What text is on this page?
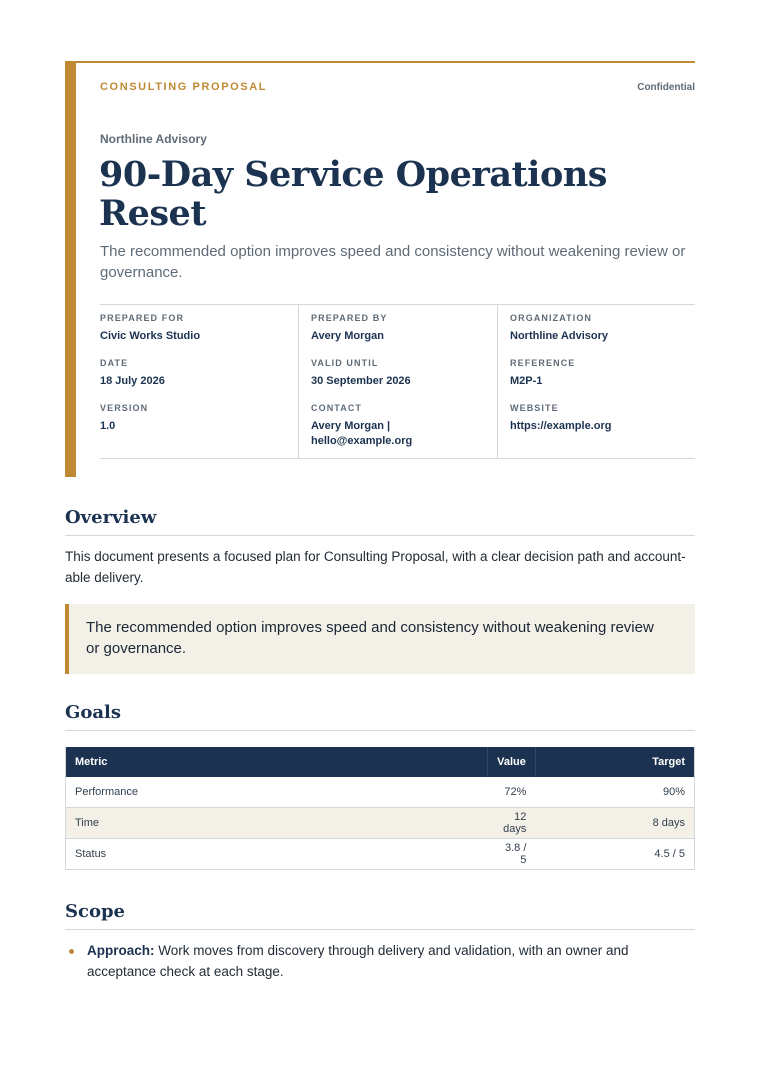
CONSULTING PROPOSAL	Confidential
Northline Advisory
90-Day Service Operations Reset
The recommended option improves speed and consistency without weakening review or governance.
PREPARED FOR
Civic Works Studio
DATE
18 July 2026
VERSION
1.0
PREPARED BY
Avery Morgan
VALID UNTIL
30 September 2026
CONTACT
Avery Morgan | hello@example.org
ORGANIZATION
Northline Advisory
REFERENCE
M2P-1
WEBSITE
https://example.org
Overview
This document presents a focused plan for Consulting Proposal, with a clear decision path and account-able delivery.
The recommended option improves speed and consistency without weakening review or governance.
Goals
Metric	Value	Target
Performance	72%	90%
Time	12 days	8 days
Status	3.8 / 5	4.5 / 5
Scope
Approach: Work moves from discovery through delivery and validation, with an owner and acceptance check at each stage.
